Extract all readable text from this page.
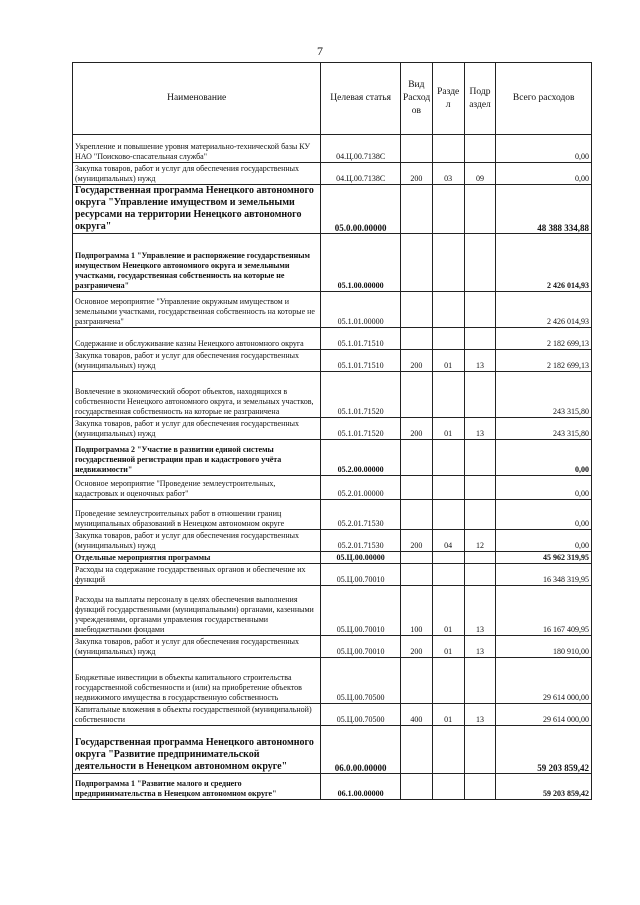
7
Наименование	Целевая статья	Вид Расход ов	Разде л	Подр аздел	Всего расходов
Укрепление и повышение уровня материально-технической базы КУ НАО "Поисково-спасательная служба"	04.Ц.00.7138С				0,00
Закупка товаров, работ и услуг для обеспечения государственных (муниципальных) нужд	04.Ц.00.7138С	200	03	09	0,00
Государственная программа Ненецкого автономного округа "Управление имуществом и земельными ресурсами на территории Ненецкого автономного округа"	05.0.00.00000				48 388 334,88
Подпрограмма 1 "Управление и распоряжение государственным имуществом Ненецкого автономного округа и земельными участками, государственная собственность на которые не разграничена"	05.1.00.00000				2 426 014,93
Основное мероприятие "Управление окружным имуществом и земельными участками, государственная собственность на которые не разграничена"	05.1.01.00000				2 426 014,93
Содержание и обслуживание казны Ненецкого автономного округа	05.1.01.71510				2 182 699,13
Закупка товаров, работ и услуг для обеспечения государственных (муниципальных) нужд	05.1.01.71510	200	01	13	2 182 699,13
Вовлечение в экономический оборот объектов, находящихся в собственности Ненецкого автономного округа, и земельных участков, государственная собственность на которые не разграничена	05.1.01.71520				243 315,80
Закупка товаров, работ и услуг для обеспечения государственных (муниципальных) нужд	05.1.01.71520	200	01	13	243 315,80
Подпрограмма 2 "Участие в развитии единой системы государственной регистрации прав и кадастрового учёта недвижимости"	05.2.00.00000				0,00
Основное мероприятие "Проведение землеустроительных, кадастровых и оценочных работ"	05.2.01.00000				0,00
Проведение землеустроительных работ в отношении границ муниципальных образований в Ненецком автономном округе	05.2.01.71530				0,00
Закупка товаров, работ и услуг для обеспечения государственных (муниципальных) нужд	05.2.01.71530	200	04	12	0,00
Отдельные мероприятия программы	05.Ц.00.00000				45 962 319,95
Расходы на содержание государственных органов и обеспечение их функций	05.Ц.00.70010				16 348 319,95
Расходы на выплаты персоналу в целях обеспечения выполнения функций государственными (муниципальными) органами, казенными учреждениями, органами управления государственными внебюджетными фондами	05.Ц.00.70010	100	01	13	16 167 409,95
Закупка товаров, работ и услуг для обеспечения государственных (муниципальных) нужд	05.Ц.00.70010	200	01	13	180 910,00
Бюджетные инвестиции в объекты капитального строительства государственной собственности и (или) на приобретение объектов недвижимого имущества в государственную собственность	05.Ц.00.70500				29 614 000,00
Капитальные вложения в объекты государственной (муниципальной) собственности	05.Ц.00.70500	400	01	13	29 614 000,00
Государственная программа Ненецкого автономного округа "Развитие предпринимательской деятельности в Ненецком автономном округе"	06.0.00.00000				59 203 859,42
Подпрограмма 1 "Развитие малого и среднего предпринимательства в Ненецком автономном округе"	06.1.00.00000				59 203 859,42
